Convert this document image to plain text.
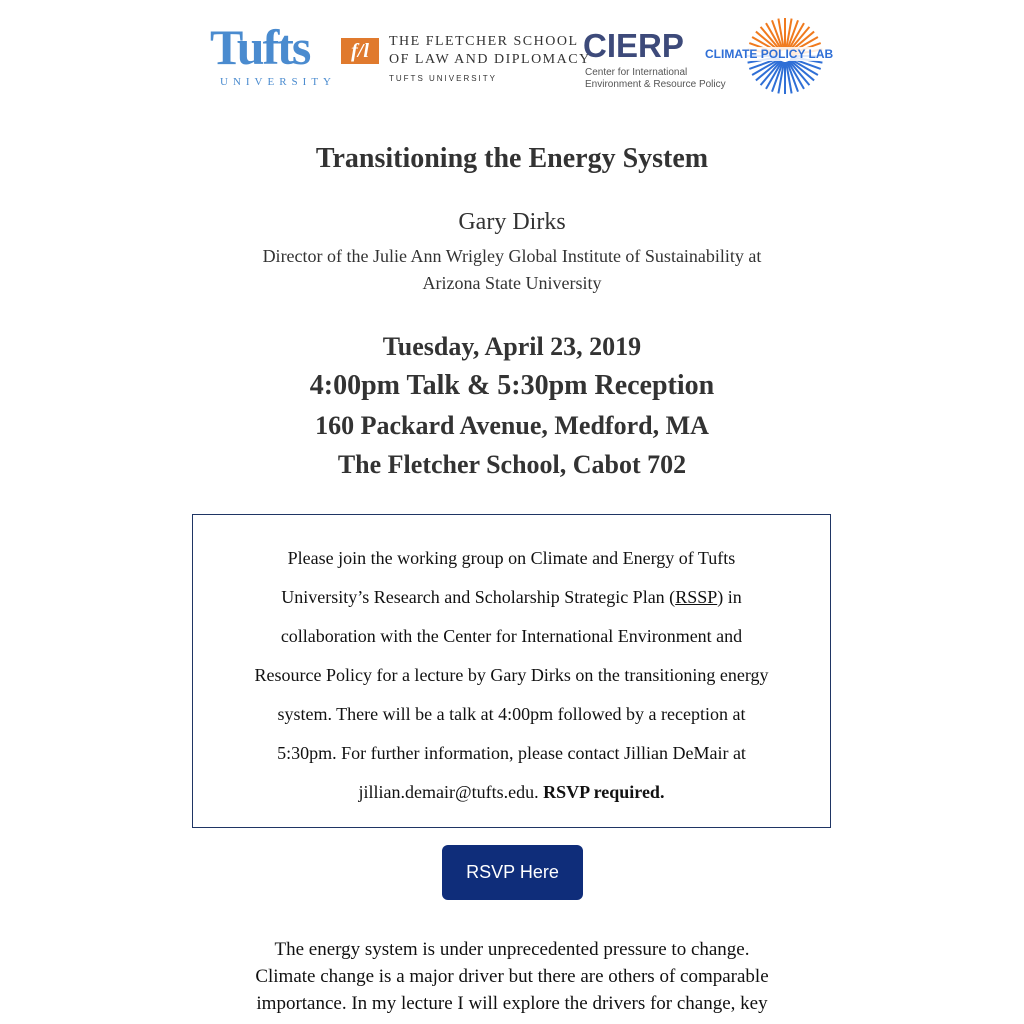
Tufts
UNIVERSITY
f/l	THE FLETCHER SCHOOL
OF LAW AND DIPLOMACY
TUFTS UNIVERSITY
CIERP
Center for International
Environment & Resource Policy
CLIMATE POLICY LAB
Transitioning the Energy System
Gary Dirks
Director of the Julie Ann Wrigley Global Institute of Sustainability at
Arizona State University
Tuesday, April 23, 2019
4:00pm Talk & 5:30pm Reception
160 Packard Avenue, Medford, MA
The Fletcher School, Cabot 702
Please join the working group on Climate and Energy of Tufts
University’s Research and Scholarship Strategic Plan (RSSP) in
collaboration with the Center for International Environment and
Resource Policy for a lecture by Gary Dirks on the transitioning energy
system. There will be a talk at 4:00pm followed by a reception at
5:30pm. For further information, please contact Jillian DeMair at
jillian.demair@tufts.edu. RSVP required.
RSVP Here
The energy system is under unprecedented pressure to change.
Climate change is a major driver but there are others of comparable
importance. In my lecture I will explore the drivers for change, key
